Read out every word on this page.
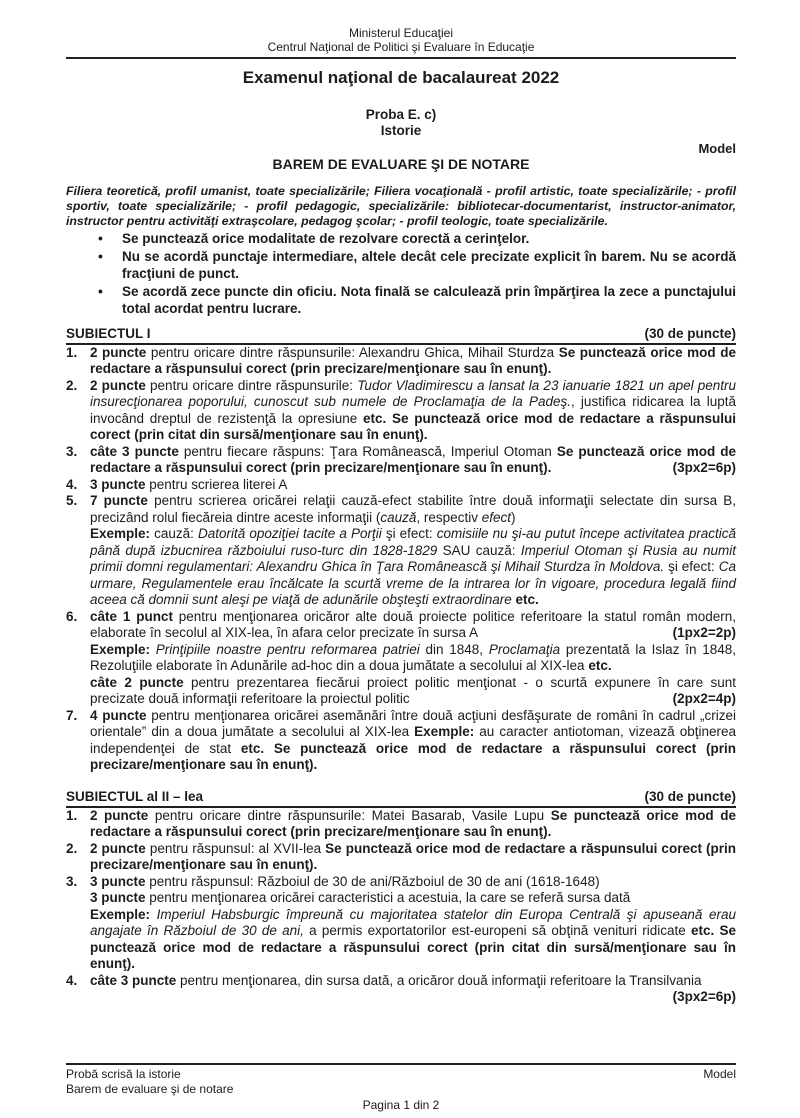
Ministerul Educaţiei
Centrul Naţional de Politici şi Evaluare în Educaţie
Examenul naţional de bacalaureat 2022
Proba E. c)
Istorie
Model
BAREM DE EVALUARE ŞI DE NOTARE

Filiera teoretică, profil umanist, toate specializările; Filiera vocaţională - profil artistic, toate specializările; - profil sportiv, toate specializările; - profil pedagogic, specializările: bibliotecar-documentarist, instructor-animator, instructor pentru activităţi extraşcolare, pedagog şcolar; - profil teologic, toate specializările.

• Se punctează orice modalitate de rezolvare corectă a cerinţelor.
• Nu se acordă punctaje intermediare, altele decât cele precizate explicit în barem. Nu se acordă fracţiuni de punct.
• Se acordă zece puncte din oficiu. Nota finală se calculează prin împărţirea la zece a punctajului total acordat pentru lucrare.
SUBIECTUL I	(30 de puncte)
1. 2 puncte pentru oricare dintre răspunsurile: Alexandru Ghica, Mihail Sturdza Se punctează orice mod de redactare a răspunsului corect (prin precizare/menţionare sau în enunţ).

2. 2 puncte pentru oricare dintre răspunsurile: Tudor Vladimirescu a lansat la 23 ianuarie 1821 un apel pentru insurecţionarea poporului, cunoscut sub numele de Proclamaţia de la Padeş., justifica ridicarea la luptă invocând dreptul de rezistenţă la opresiune etc. Se punctează orice mod de redactare a răspunsului corect (prin citat din sursă/menţionare sau în enunţ).

3. câte 3 puncte pentru fiecare răspuns: Ţara Românească, Imperiul Otoman Se punctează orice mod de redactare a răspunsului corect (prin precizare/menţionare sau în enunţ).	(3px2=6p)

4. 3 puncte pentru scrierea literei A

5. 7 puncte pentru scrierea oricărei relaţii cauză-efect stabilite între două informaţii selectate din sursa B, precizând rolul fiecăreia dintre aceste informaţii (cauză, respectiv efect)

Exemple: cauză: Datorită opoziţiei tacite a Porţii şi efect: comisiile nu şi-au putut începe activitatea practică până după izbucnirea războiului ruso-turc din 1828-1829 SAU cauză: Imperiul Otoman şi Rusia au numit primii domni regulamentari: Alexandru Ghica în Ţara Românească şi Mihail Sturdza în Moldova. şi efect: Ca urmare, Regulamentele erau încălcate la scurtă vreme de la intrarea lor în vigoare, procedura legală fiind aceea că domnii sunt aleşi pe viaţă de adunările obşteşti extraordinare etc.

6. câte 1 punct pentru menţionarea oricăror alte două proiecte politice referitoare la statul român modern, elaborate în secolul al XIX-lea, în afara celor precizate în sursa A	(1px2=2p)

Exemple: Prinţipiile noastre pentru reformarea patriei din 1848, Proclamaţia prezentată la Islaz în 1848, Rezoluţiile elaborate în Adunările ad-hoc din a doua jumătate a secolului al XIX-lea etc.

câte 2 puncte pentru prezentarea fiecărui proiect politic menţionat - o scurtă expunere în care sunt precizate două informaţii referitoare la proiectul politic	(2px2=4p)

7. 4 puncte pentru menţionarea oricărei asemănări între două acţiuni desfăşurate de români în cadrul „crizei orientale” din a doua jumătate a secolului al XIX-lea Exemple: au caracter antiotoman, vizează obţinerea independenţei de stat etc. Se punctează orice mod de redactare a răspunsului corect (prin precizare/menţionare sau în enunţ).

SUBIECTUL al II – lea	(30 de puncte)
1. 2 puncte pentru oricare dintre răspunsurile: Matei Basarab, Vasile Lupu Se punctează orice mod de redactare a răspunsului corect (prin precizare/menţionare sau în enunţ).

2. 2 puncte pentru răspunsul: al XVII-lea Se punctează orice mod de redactare a răspunsului corect (prin precizare/menţionare sau în enunţ).

3. 3 puncte pentru răspunsul: Războiul de 30 de ani/Războiul de 30 de ani (1618-1648)

3 puncte pentru menţionarea oricărei caracteristici a acestuia, la care se referă sursa dată

Exemple: Imperiul Habsburgic împreună cu majoritatea statelor din Europa Centrală şi apuseană erau angajate în Războiul de 30 de ani, a permis exportatorilor est-europeni să obţină venituri ridicate etc. Se punctează orice mod de redactare a răspunsului corect (prin citat din sursă/menţionare sau în enunţ).

4. câte 3 puncte pentru menţionarea, din sursa dată, a oricăror două informaţii referitoare la Transilvania
(3px2=6p)

Probă scrisă la istorie
Barem de evaluare şi de notare
Model
Pagina 1 din 2
